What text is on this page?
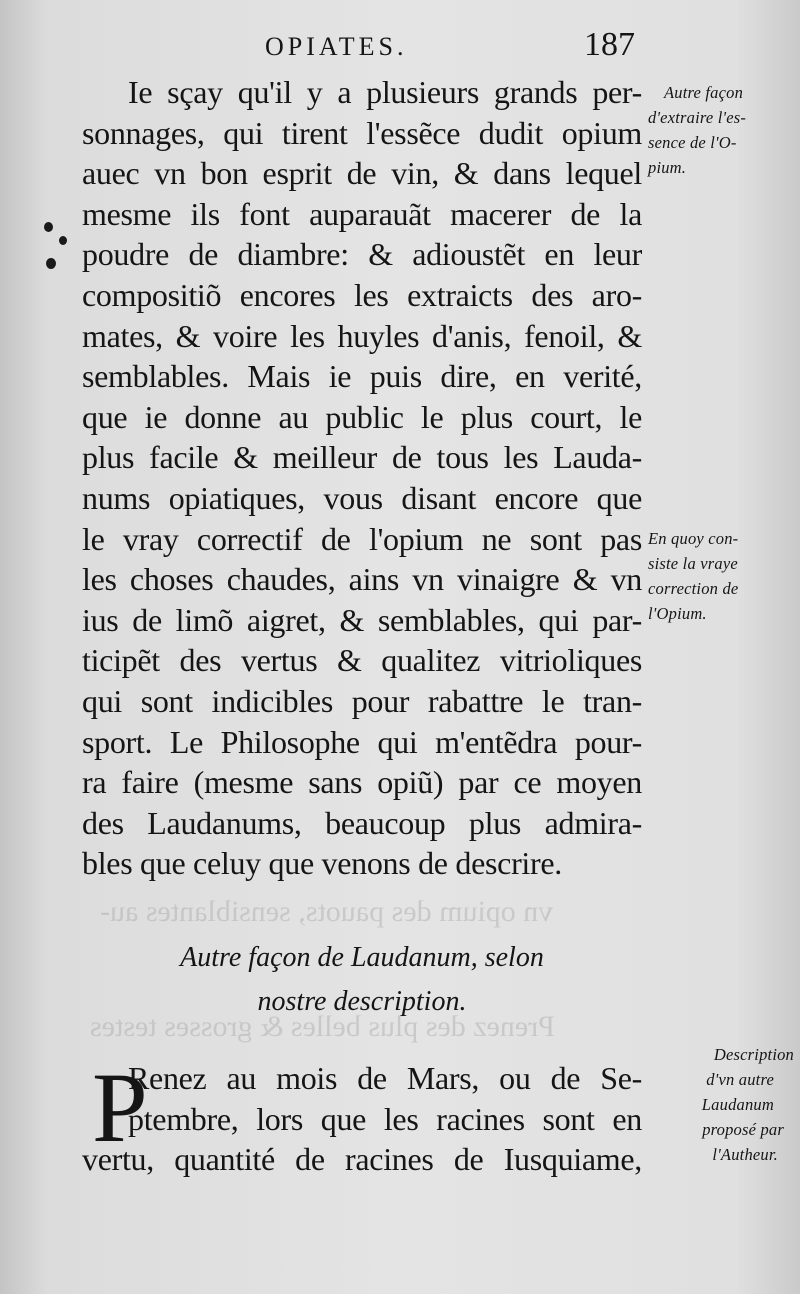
vn opium des pauots, sensiblantes au-
Prenez des plus belles & grosses testes
OPIATES.	187
Ie sçay qu'il y a plusieurs grands per-
sonnages, qui tirent l'essẽce dudit opium
auec vn bon esprit de vin, & dans lequel
mesme ils font auparauãt macerer de la
poudre de diambre: & adioustẽt en leur
compositiõ encores les extraicts des aro-
mates, & voire les huyles d'anis, fenoil, &
semblables. Mais ie puis dire, en verité,
que ie donne au public le plus court, le
plus facile & meilleur de tous les Lauda-
nums opiatiques, vous disant encore que
le vray correctif de l'opium ne sont pas
les choses chaudes, ains vn vinaigre & vn
ius de limõ aigret, & semblables, qui par-
ticipẽt des vertus & qualitez vitrioliques
qui sont indicibles pour rabattre le tran-
sport. Le Philosophe qui m'entẽdra pour-
ra faire (mesme sans opiũ) par ce moyen
des Laudanums, beaucoup plus admira-
bles que celuy que venons de descrire.
Autre façon de Laudanum, selon
nostre description.
P
Renez au mois de Mars, ou de Se-
ptembre, lors que les racines sont en
vertu, quantité de racines de Iusquiame,
Autre façon
d'extraire l'es-
sence de l'O-
pium.
En quoy con-
siste la vraye
correction de
l'Opium.
Description
d'vn autre
Laudanum
proposé par
l'Autheur.
